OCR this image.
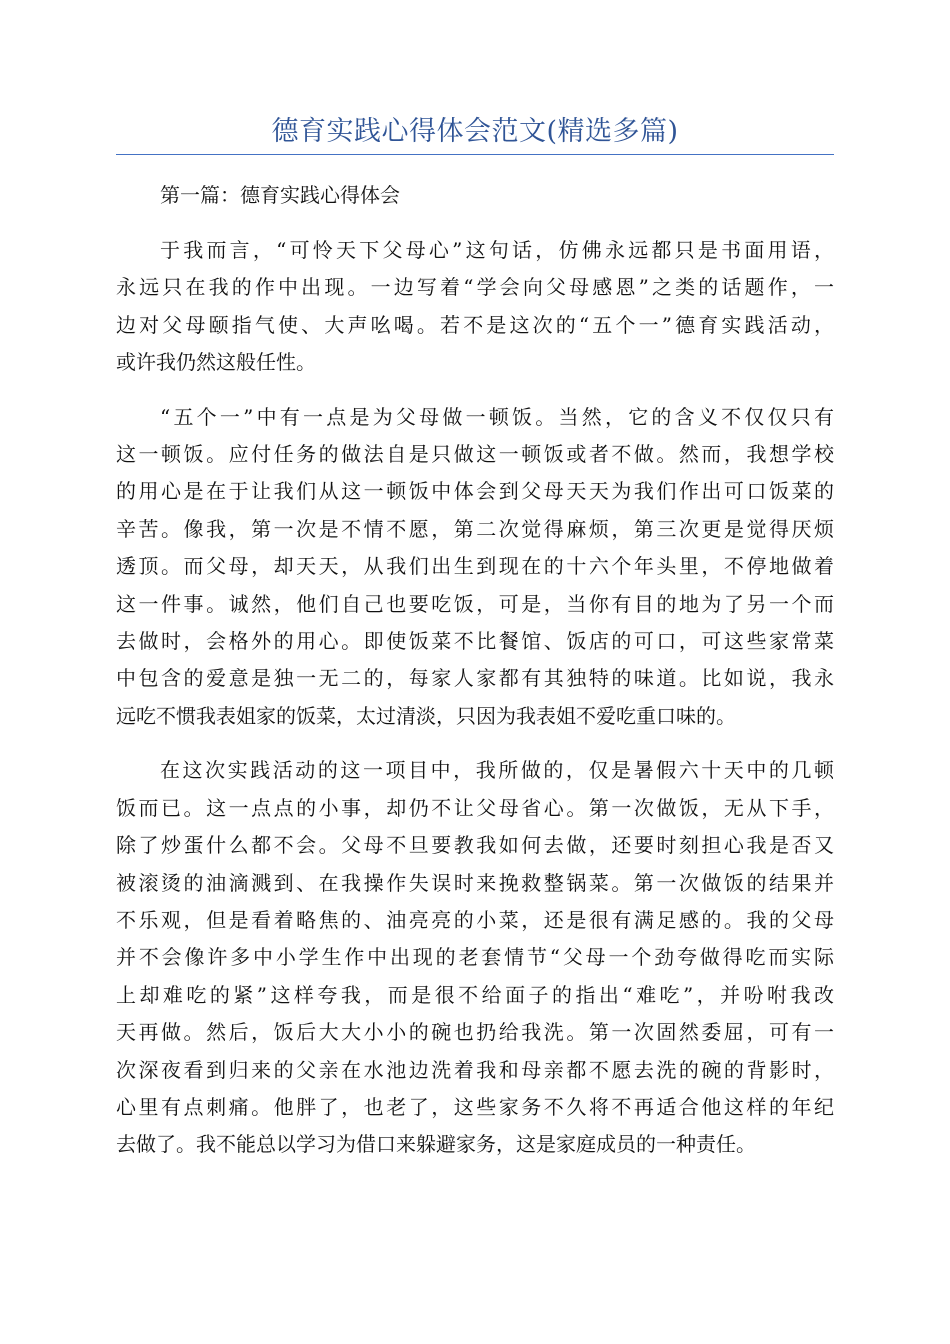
德育实践心得体会范文(精选多篇)
第一篇：德育实践心得体会
于我而言，“可怜天下父母心”这句话，仿佛永远都只是书面用语，
永远只在我的作中出现。一边写着“学会向父母感恩”之类的话题作，一
边对父母颐指气使、大声吆喝。若不是这次的“五个一”德育实践活动，
或许我仍然这般任性。
“五个一”中有一点是为父母做一顿饭。当然，它的含义不仅仅只有
这一顿饭。应付任务的做法自是只做这一顿饭或者不做。然而，我想学校
的用心是在于让我们从这一顿饭中体会到父母天天为我们作出可口饭菜的
辛苦。像我，第一次是不情不愿，第二次觉得麻烦，第三次更是觉得厌烦
透顶。而父母，却天天，从我们出生到现在的十六个年头里，不停地做着
这一件事。诚然，他们自己也要吃饭，可是，当你有目的地为了另一个而
去做时，会格外的用心。即使饭菜不比餐馆、饭店的可口，可这些家常菜
中包含的爱意是独一无二的，每家人家都有其独特的味道。比如说，我永
远吃不惯我表姐家的饭菜，太过清淡，只因为我表姐不爱吃重口味的。
在这次实践活动的这一项目中，我所做的，仅是暑假六十天中的几顿
饭而已。这一点点的小事，却仍不让父母省心。第一次做饭，无从下手，
除了炒蛋什么都不会。父母不旦要教我如何去做，还要时刻担心我是否又
被滚烫的油滴溅到、在我操作失误时来挽救整锅菜。第一次做饭的结果并
不乐观，但是看着略焦的、油亮亮的小菜，还是很有满足感的。我的父母
并不会像许多中小学生作中出现的老套情节“父母一个劲夸做得吃而实际
上却难吃的紧”这样夸我，而是很不给面子的指出“难吃”，并吩咐我改
天再做。然后，饭后大大小小的碗也扔给我洗。第一次固然委屈，可有一
次深夜看到归来的父亲在水池边洗着我和母亲都不愿去洗的碗的背影时，
心里有点刺痛。他胖了，也老了，这些家务不久将不再适合他这样的年纪
去做了。我不能总以学习为借口来躲避家务，这是家庭成员的一种责任。
